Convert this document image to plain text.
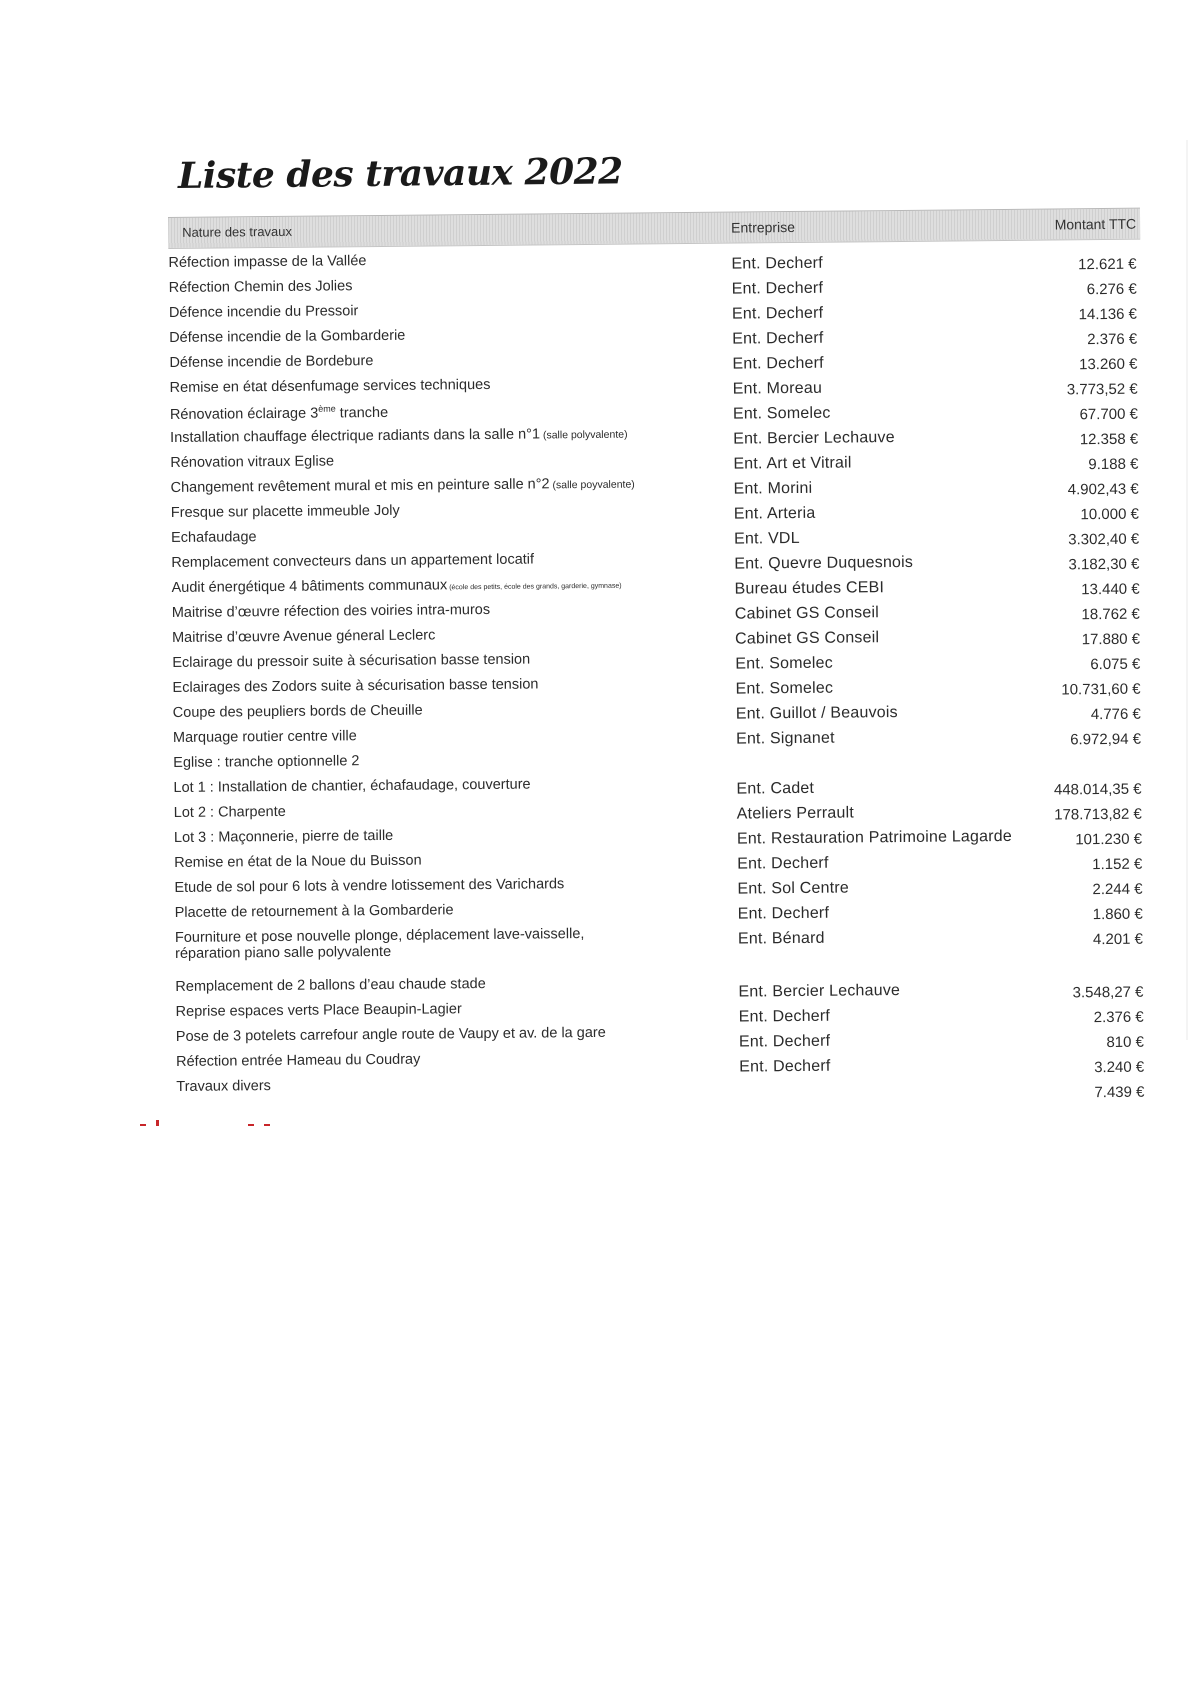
Liste des travaux 2022
Nature des travaux	Entreprise	Montant TTC
Réfection impasse de la Vallée	Ent. Decherf	12.621 €
Réfection Chemin des Jolies	Ent. Decherf	6.276 €
Défence incendie du Pressoir	Ent. Decherf	14.136 €
Défense incendie de la Gombarderie	Ent. Decherf	2.376 €
Défense incendie de Bordebure	Ent. Decherf	13.260 €
Remise en état désenfumage services techniques	Ent. Moreau	3.773,52 €
Rénovation éclairage 3ème tranche	Ent. Somelec	67.700 €
Installation chauffage électrique radiants dans la salle n°1 (salle polyvalente)	Ent. Bercier Lechauve	12.358 €
Rénovation vitraux Eglise	Ent. Art et Vitrail	9.188 €
Changement revêtement mural et mis en peinture salle n°2 (salle poyvalente)	Ent. Morini	4.902,43 €
Fresque sur placette immeuble Joly	Ent. Arteria	10.000 €
Echafaudage	Ent. VDL	3.302,40 €
Remplacement convecteurs dans un appartement locatif	Ent. Quevre Duquesnois	3.182,30 €
Audit énergétique 4 bâtiments communaux (école des petits, école des grands, garderie, gymnase)	Bureau études CEBI	13.440 €
Maitrise d’œuvre réfection des voiries intra-muros	Cabinet GS Conseil	18.762 €
Maitrise d’œuvre Avenue géneral Leclerc	Cabinet GS Conseil	17.880 €
Eclairage du pressoir suite à sécurisation basse tension	Ent. Somelec	6.075 €
Eclairages des Zodors suite à sécurisation basse tension	Ent. Somelec	10.731,60 €
Coupe des peupliers bords de Cheuille	Ent. Guillot / Beauvois	4.776 €
Marquage routier centre ville	Ent. Signanet	6.972,94 €
Eglise : tranche optionnelle 2
Lot 1 : Installation de chantier, échafaudage, couverture	Ent. Cadet	448.014,35 €
Lot 2 : Charpente	Ateliers Perrault	178.713,82 €
Lot 3 : Maçonnerie, pierre de taille	Ent. Restauration Patrimoine Lagarde	101.230 €
Remise en état de la Noue du Buisson	Ent. Decherf	1.152 €
Etude de sol pour 6 lots à vendre lotissement des Varichards	Ent. Sol Centre	2.244 €
Placette de retournement à la Gombarderie	Ent. Decherf	1.860 €
Fourniture et pose nouvelle plonge, déplacement lave-vaisselle,
réparation piano salle polyvalente
Ent. Bénard	4.201 €
Remplacement de 2 ballons d’eau chaude stade	Ent. Bercier Lechauve	3.548,27 €
Reprise espaces verts Place Beaupin-Lagier	Ent. Decherf	2.376 €
Pose de 3 potelets carrefour angle route de Vaupy et av. de la gare	Ent. Decherf	810 €
Réfection entrée Hameau du Coudray	Ent. Decherf	3.240 €
Travaux divers	7.439 €
